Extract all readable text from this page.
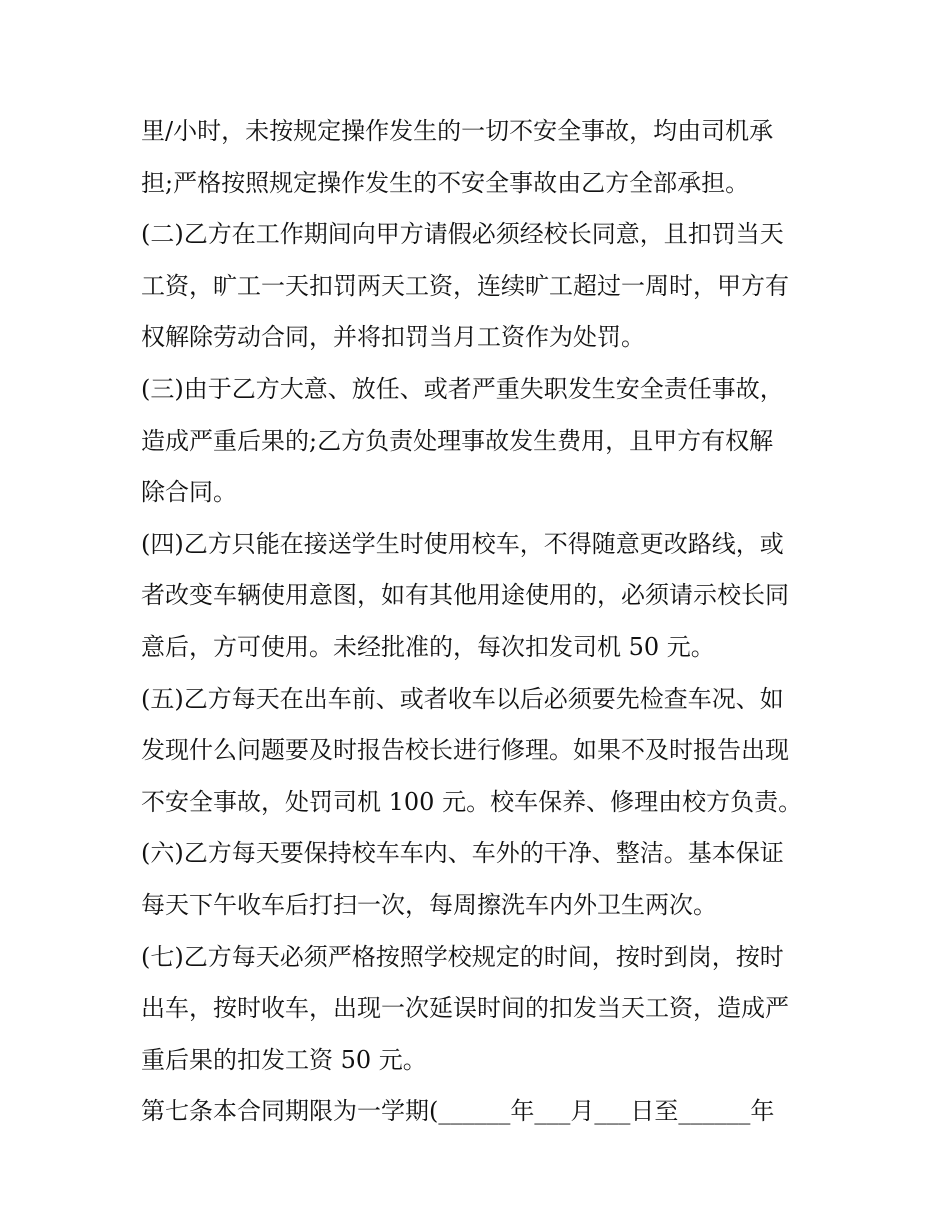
里/小时，未按规定操作发生的一切不安全事故，均由司机承
担;严格按照规定操作发生的不安全事故由乙方全部承担。
(二)乙方在工作期间向甲方请假必须经校长同意，且扣罚当天
工资，旷工一天扣罚两天工资，连续旷工超过一周时，甲方有
权解除劳动合同，并将扣罚当月工资作为处罚。
(三)由于乙方大意、放任、或者严重失职发生安全责任事故，
造成严重后果的;乙方负责处理事故发生费用，且甲方有权解
除合同。
(四)乙方只能在接送学生时使用校车，不得随意更改路线，或
者改变车辆使用意图，如有其他用途使用的，必须请示校长同
意后，方可使用。未经批准的，每次扣发司机 50 元。
(五)乙方每天在出车前、或者收车以后必须要先检查车况、如
发现什么问题要及时报告校长进行修理。如果不及时报告出现
不安全事故，处罚司机 100 元。校车保养、修理由校方负责。
(六)乙方每天要保持校车车内、车外的干净、整洁。基本保证
每天下午收车后打扫一次，每周擦洗车内外卫生两次。
(七)乙方每天必须严格按照学校规定的时间，按时到岗，按时
出车，按时收车，出现一次延误时间的扣发当天工资，造成严
重后果的扣发工资 50 元。
第七条本合同期限为一学期(______年___月___日至______年
